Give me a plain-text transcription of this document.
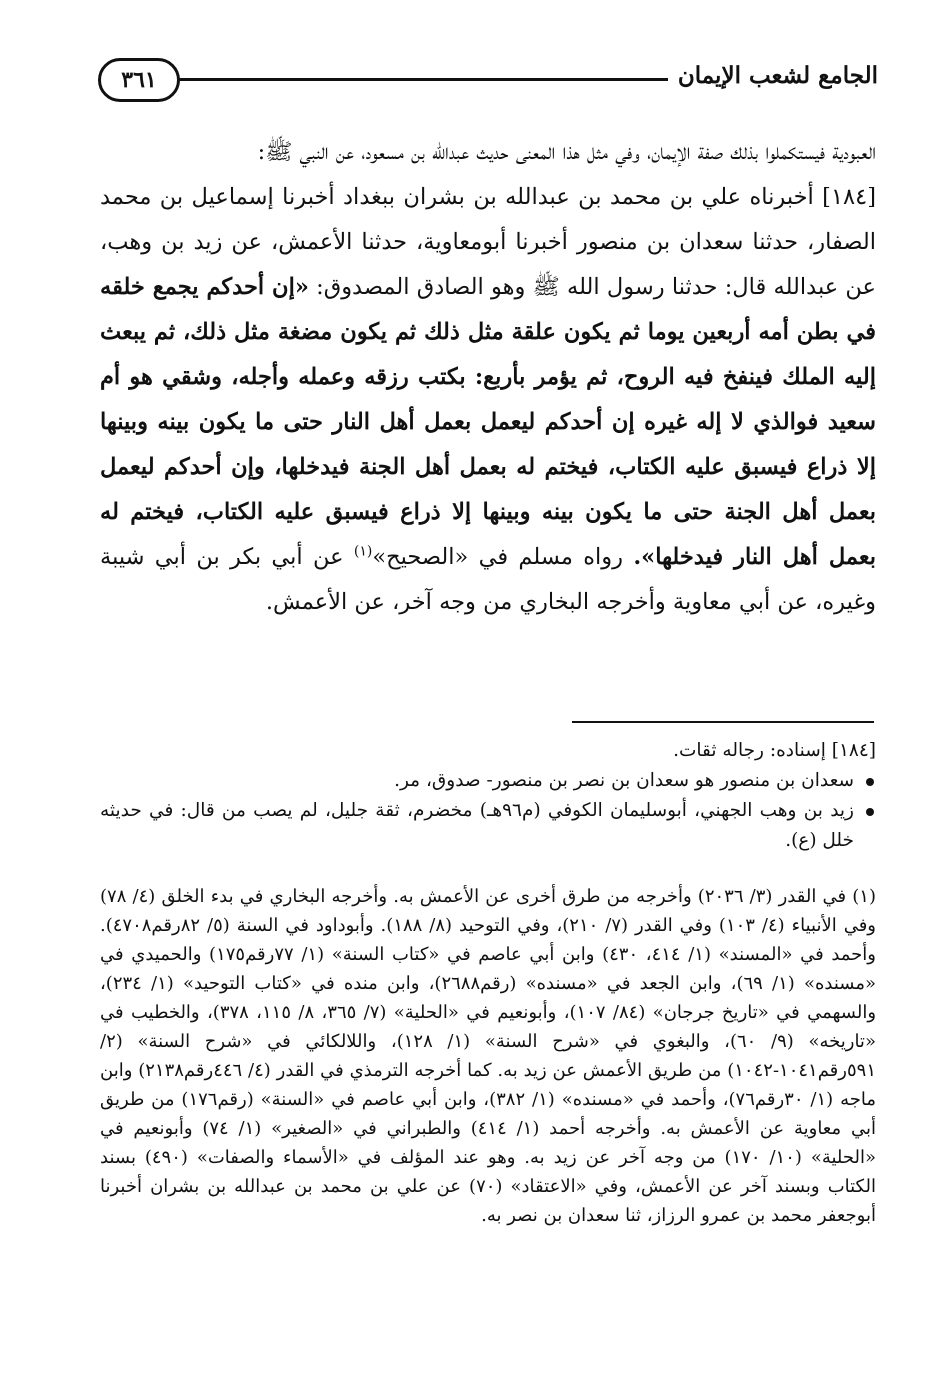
الجامع لشعب الإيمان
٣٦١

العبودية فيستكملوا بذلك صفة الإيمان، وفي مثل هذا المعنى حديث عبدالله بن مسعود، عن النبي ﷺ:

[١٨٤] أخبرناه علي بن محمد بن عبدالله بن بشران ببغداد أخبرنا إسماعيل بن محمد الصفار، حدثنا سعدان بن منصور أخبرنا أبومعاوية، حدثنا الأعمش، عن زيد بن وهب، عن عبدالله قال: حدثنا رسول الله ﷺ وهو الصادق المصدوق: «إن أحدكم يجمع خلقه في بطن أمه أربعين يوما ثم يكون علقة مثل ذلك ثم يكون مضغة مثل ذلك، ثم يبعث إليه الملك فينفخ فيه الروح، ثم يؤمر بأربع: بكتب رزقه وعمله وأجله، وشقي هو أم سعيد فوالذي لا إله غيره إن أحدكم ليعمل بعمل أهل النار حتى ما يكون بينه وبينها إلا ذراع فيسبق عليه الكتاب، فيختم له بعمل أهل الجنة فيدخلها، وإن أحدكم ليعمل بعمل أهل الجنة حتى ما يكون بينه وبينها إلا ذراع فيسبق عليه الكتاب، فيختم له بعمل أهل النار فيدخلها». رواه مسلم في «الصحيح»$^{(١)}$ عن أبي بكر بن أبي شيبة وغيره، عن أبي معاوية وأخرجه البخاري من وجه آخر، عن الأعمش.

[١٨٤] إسناده: رجاله ثقات.

سعدان بن منصور هو سعدان بن نصر بن منصور- صدوق، مر.

زيد بن وهب الجهني، أبوسليمان الكوفي (م٩٦هـ) مخضرم، ثقة جليل، لم يصب من قال: في حديثه خلل (ع).

(١) في القدر (٣/ ٢٠٣٦) وأخرجه من طرق أخرى عن الأعمش به. وأخرجه البخاري في بدء الخلق (٤/ ٧٨) وفي الأنبياء (٤/ ١٠٣) وفي القدر (٧/ ٢١٠)، وفي التوحيد (٨/ ١٨٨). وأبوداود في السنة (٥/ ٨٢رقم٤٧٠٨). وأحمد في «المسند» (١/ ٤١٤، ٤٣٠) وابن أبي عاصم في «كتاب السنة» (١/ ٧٧رقم١٧٥) والحميدي في «مسنده» (١/ ٦٩)، وابن الجعد في «مسنده» (رقم٢٦٨٨)، وابن منده في «كتاب التوحيد» (١/ ٢٣٤)، والسهمي في «تاريخ جرجان» (٨٤/ ١٠٧)، وأبونعيم في «الحلية» (٧/ ٣٦٥، ٨/ ١١٥، ٣٧٨)، والخطيب في «تاريخه» (٩/ ٦٠)، والبغوي في «شرح السنة» (١/ ١٢٨)، واللالكائي في «شرح السنة» (٢/ ٥٩١رقم١٠٤١-١٠٤٢) من طريق الأعمش عن زيد به. كما أخرجه الترمذي في القدر (٤/ ٤٤٦رقم٢١٣٨) وابن ماجه (١/ ٣٠رقم٧٦)، وأحمد في «مسنده» (١/ ٣٨٢)، وابن أبي عاصم في «السنة» (رقم١٧٦) من طريق أبي معاوية عن الأعمش به. وأخرجه أحمد (١/ ٤١٤) والطبراني في «الصغير» (١/ ٧٤) وأبونعيم في «الحلية» (١٠/ ١٧٠) من وجه آخر عن زيد به. وهو عند المؤلف في «الأسماء والصفات» (٤٩٠) بسند الكتاب وبسند آخر عن الأعمش، وفي «الاعتقاد» (٧٠) عن علي بن محمد بن عبدالله بن بشران أخبرنا أبوجعفر محمد بن عمرو الرزاز، ثنا سعدان بن نصر به.
